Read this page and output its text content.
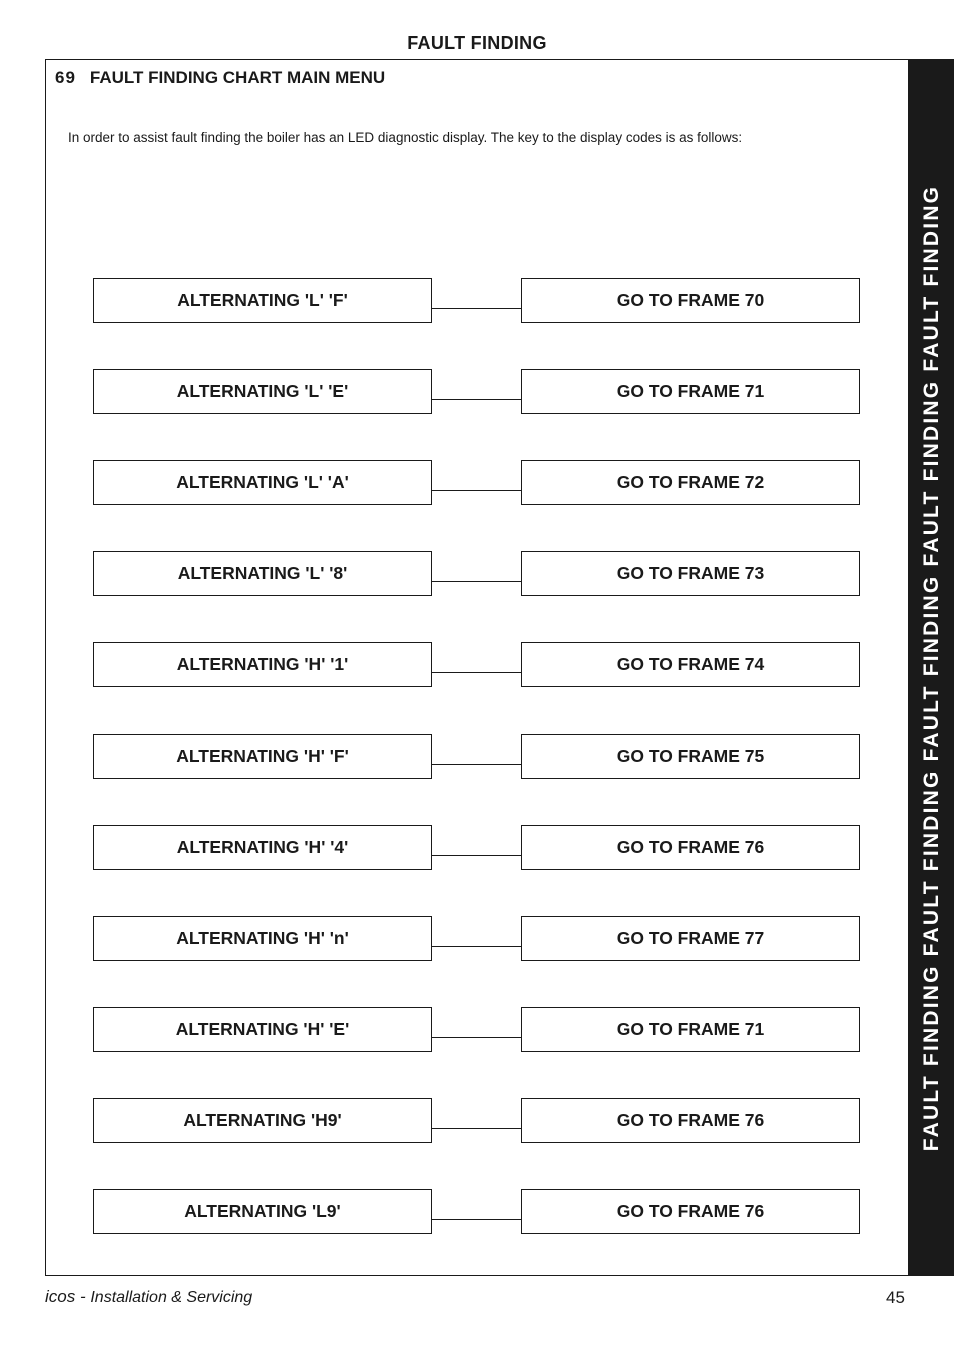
FAULT FINDING
FAULT FINDING FAULT FINDING FAULT FINDING FAULT FINDING FAULT FINDING
69 FAULT FINDING CHART MAIN MENU
In order to assist fault finding the boiler has an LED diagnostic display. The key to the display codes is as follows:
ALTERNATING 'L' 'F'	GO TO FRAME 70
ALTERNATING 'L' 'E'	GO TO FRAME 71
ALTERNATING 'L' 'A'	GO TO FRAME 72
ALTERNATING 'L' '8'	GO TO FRAME 73
ALTERNATING 'H' '1'	GO TO FRAME 74
ALTERNATING 'H' 'F'	GO TO FRAME 75
ALTERNATING 'H' '4'	GO TO FRAME 76
ALTERNATING 'H' 'n'	GO TO FRAME 77
ALTERNATING 'H' 'E'	GO TO FRAME 71
ALTERNATING 'H9'	GO TO FRAME 76
ALTERNATING 'L9'	GO TO FRAME 76
icos - Installation & Servicing	45
